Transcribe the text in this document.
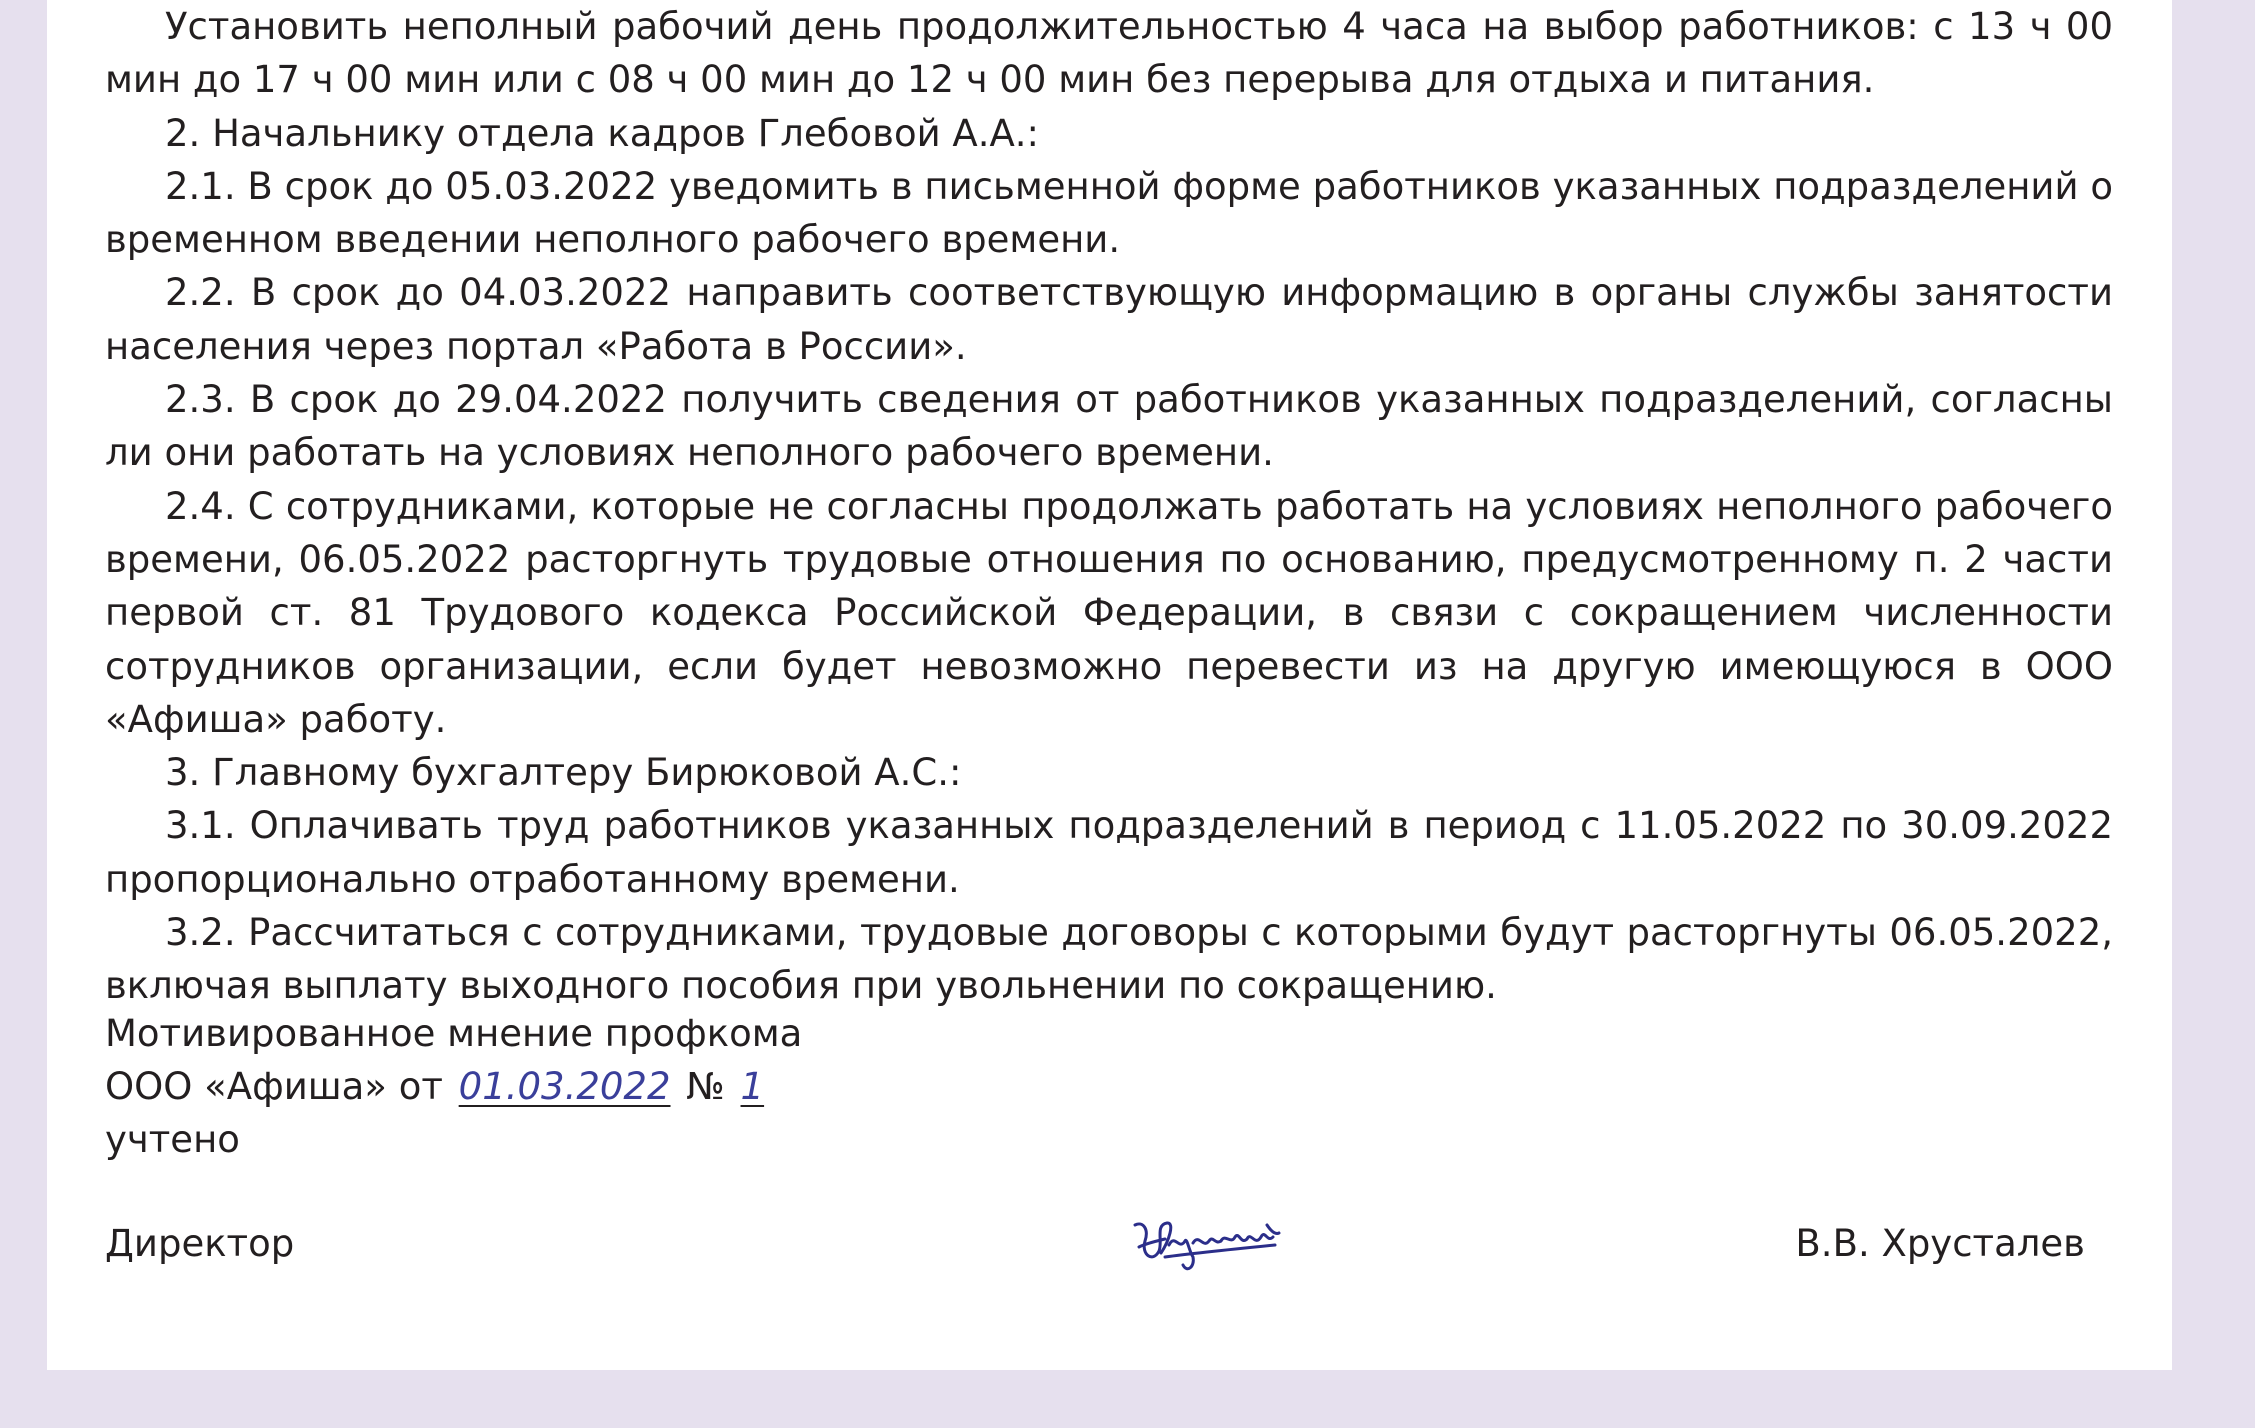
Установить неполный рабочий день продолжительностью 4 часа на выбор работников: с 13 ч 00 мин до 17 ч 00 мин или с 08 ч 00 мин до 12 ч 00 мин без перерыва для отдыха и питания.

2. Начальнику отдела кадров Глебовой А.А.:

2.1. В срок до 05.03.2022 уведомить в письменной форме работников указанных подразделений о временном введении неполного рабочего времени.

2.2. В срок до 04.03.2022 направить соответствующую информацию в органы службы занятости населения через портал «Работа в России».

2.3. В срок до 29.04.2022 получить сведения от работников указанных подразделений, согласны ли они работать на условиях неполного рабочего времени.

2.4. С сотрудниками, которые не согласны продолжать работать на условиях неполного рабочего времени, 06.05.2022 расторгнуть трудовые отношения по основанию, предусмотренному п. 2 части первой ст. 81 Трудового кодекса Российской Федерации, в связи с сокращением численности сотрудников организации, если будет невозможно перевести из на другую имеющуюся в ООО «Афиша» работу.

3. Главному бухгалтеру Бирюковой А.С.:

3.1. Оплачивать труд работников указанных подразделений в период с 11.05.2022 по 30.09.2022 пропорционально отработанному времени.

3.2. Рассчитаться с сотрудниками, трудовые договоры с которыми будут расторгнуты 06.05.2022, включая выплату выходного пособия при увольнении по сокращению.

Мотивированное мнение профкома
ООО «Афиша» от 01.03.2022 № 1
учтено
Директор	В.В. Хрусталев
